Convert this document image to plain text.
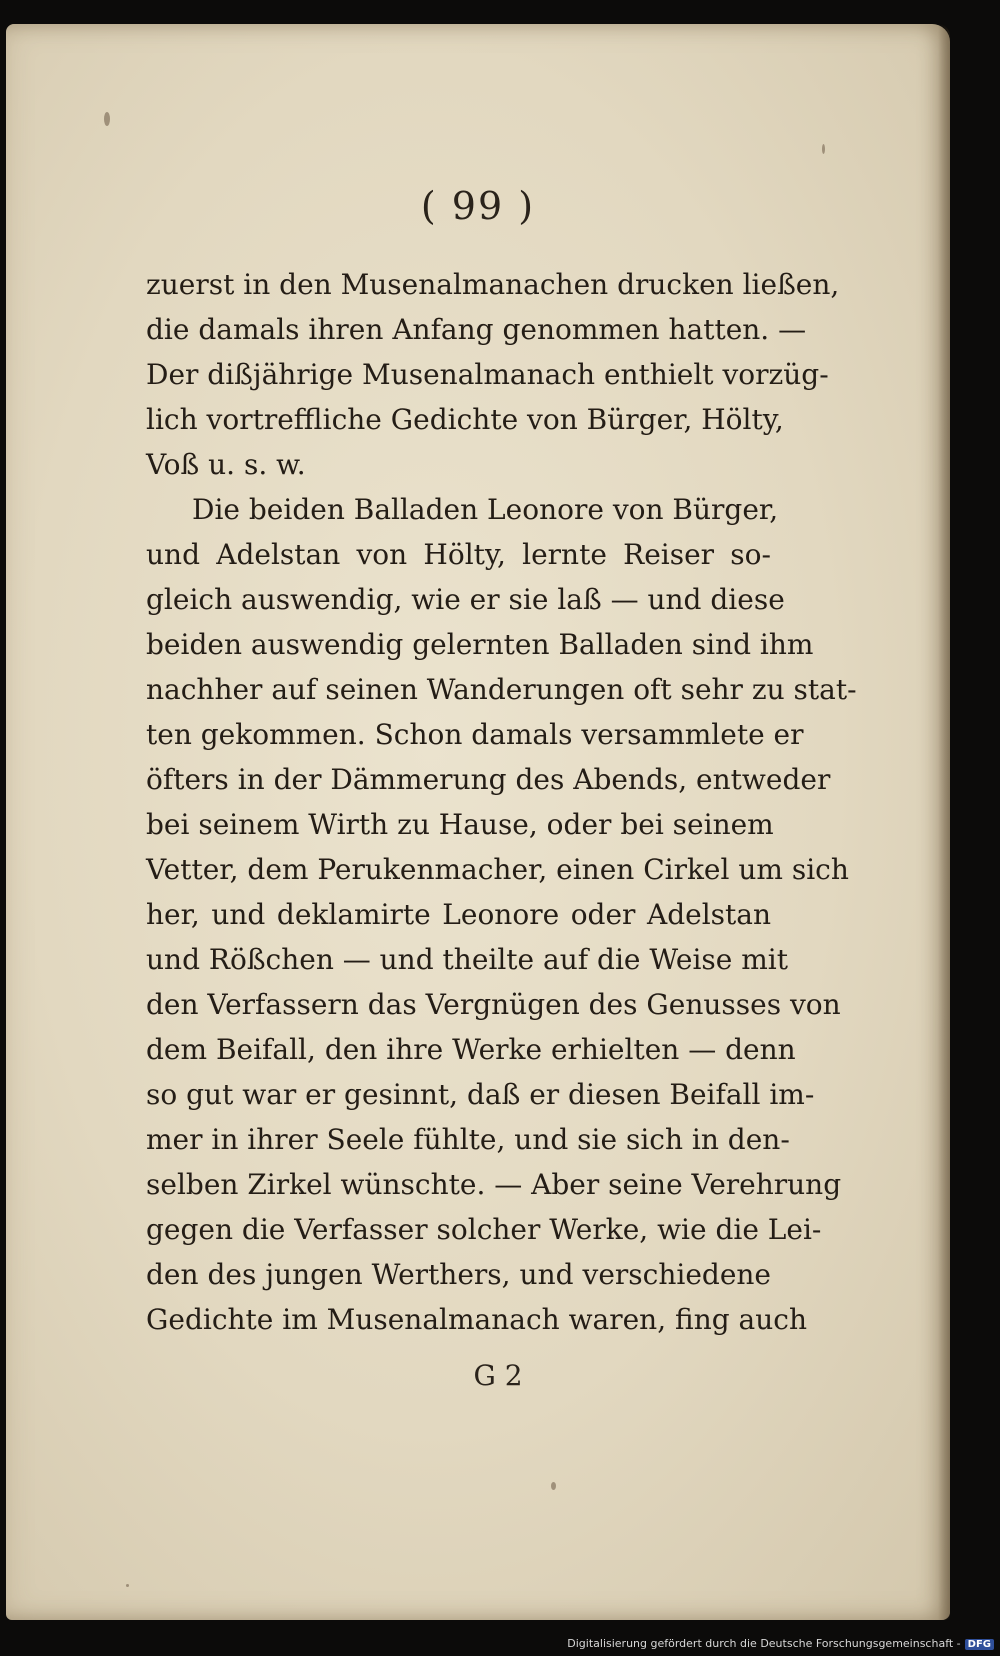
( 99 )

zuerst in den Musenalmanachen drucken ließen,
die damals ihren Anfang genommen hatten. —
Der dißjährige Musenalmanach enthielt vorzüg-
lich vortreffliche Gedichte von Bürger, Hölty,
Voß u. s. w.
Die beiden Balladen Leonore von Bürger,
und Adelstan von Hölty, lernte Reiser so-
gleich auswendig, wie er sie laß — und diese
beiden auswendig gelernten Balladen sind ihm
nachher auf seinen Wanderungen oft sehr zu stat-
ten gekommen. Schon damals versammlete er
öfters in der Dämmerung des Abends, entweder
bei seinem Wirth zu Hause, oder bei seinem
Vetter, dem Perukenmacher, einen Cirkel um sich
her, und deklamirte Leonore oder Adelstan
und Rößchen — und theilte auf die Weise mit
den Verfassern das Vergnügen des Genusses von
dem Beifall, den ihre Werke erhielten — denn
so gut war er gesinnt, daß er diesen Beifall im-
mer in ihrer Seele fühlte, und sie sich in den-
selben Zirkel wünschte. — Aber seine Verehrung
gegen die Verfasser solcher Werke, wie die Lei-
den des jungen Werthers, und verschiedene
Gedichte im Musenalmanach waren, fing auch
G 2
Digitalisierung gefördert durch die Deutsche Forschungsgemeinschaft - DFG
